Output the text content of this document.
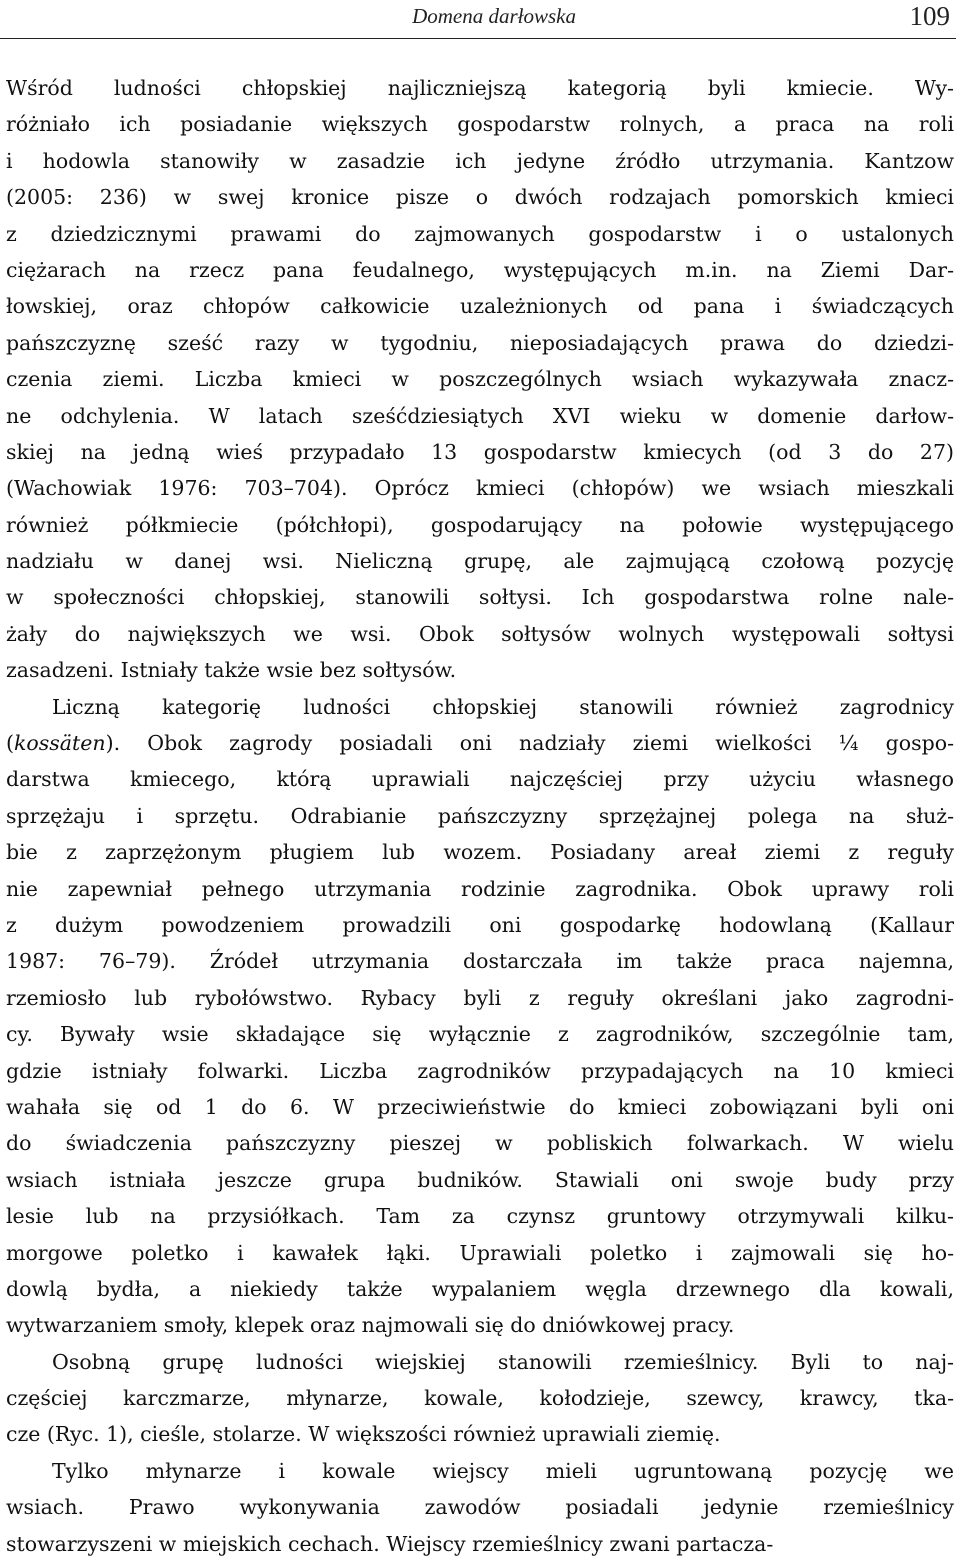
Domena darłowska	109
Wśród ludności chłopskiej najliczniejszą kategorią byli kmiecie. Wy-
różniało ich posiadanie większych gospodarstw rolnych, a praca na roli
i hodowla stanowiły w zasadzie ich jedyne źródło utrzymania. Kantzow
(2005: 236) w swej kronice pisze o dwóch rodzajach pomorskich kmieci
z dziedzicznymi prawami do zajmowanych gospodarstw i o ustalonych
ciężarach na rzecz pana feudalnego, występujących m.in. na Ziemi Dar-
łowskiej, oraz chłopów całkowicie uzależnionych od pana i świadczących
pańszczyznę sześć razy w tygodniu, nieposiadających prawa do dziedzi-
czenia ziemi. Liczba kmieci w poszczególnych wsiach wykazywała znacz-
ne odchylenia. W latach sześćdziesiątych XVI wieku w domenie darłow-
skiej na jedną wieś przypadało 13 gospodarstw kmiecych (od 3 do 27)
(Wachowiak 1976: 703–704). Oprócz kmieci (chłopów) we wsiach mieszkali
również półkmiecie (półchłopi), gospodarujący na połowie występującego
nadziału w danej wsi. Nieliczną grupę, ale zajmującą czołową pozycję
w społeczności chłopskiej, stanowili sołtysi. Ich gospodarstwa rolne nale-
żały do największych we wsi. Obok sołtysów wolnych występowali sołtysi
zasadzeni. Istniały także wsie bez sołtysów.
Liczną kategorię ludności chłopskiej stanowili również zagrodnicy
(kossäten). Obok zagrody posiadali oni nadziały ziemi wielkości ¼ gospo-
darstwa kmiecego, którą uprawiali najczęściej przy użyciu własnego
sprzężaju i sprzętu. Odrabianie pańszczyzny sprzężajnej polega na służ-
bie z zaprzężonym pługiem lub wozem. Posiadany areał ziemi z reguły
nie zapewniał pełnego utrzymania rodzinie zagrodnika. Obok uprawy roli
z dużym powodzeniem prowadzili oni gospodarkę hodowlaną (Kallaur
1987: 76–79). Źródeł utrzymania dostarczała im także praca najemna,
rzemiosło lub rybołówstwo. Rybacy byli z reguły określani jako zagrodni-
cy. Bywały wsie składające się wyłącznie z zagrodników, szczególnie tam,
gdzie istniały folwarki. Liczba zagrodników przypadających na 10 kmieci
wahała się od 1 do 6. W przeciwieństwie do kmieci zobowiązani byli oni
do świadczenia pańszczyzny pieszej w pobliskich folwarkach. W wielu
wsiach istniała jeszcze grupa budników. Stawiali oni swoje budy przy
lesie lub na przysiółkach. Tam za czynsz gruntowy otrzymywali kilku-
morgowe poletko i kawałek łąki. Uprawiali poletko i zajmowali się ho-
dowlą bydła, a niekiedy także wypalaniem węgla drzewnego dla kowali,
wytwarzaniem smoły, klepek oraz najmowali się do dniówkowej pracy.
Osobną grupę ludności wiejskiej stanowili rzemieślnicy. Byli to naj-
częściej karczmarze, młynarze, kowale, kołodzieje, szewcy, krawcy, tka-
cze (Ryc. 1), cieśle, stolarze. W większości również uprawiali ziemię.
Tylko młynarze i kowale wiejscy mieli ugruntowaną pozycję we
wsiach. Prawo wykonywania zawodów posiadali jedynie rzemieślnicy
stowarzyszeni w miejskich cechach. Wiejscy rzemieślnicy zwani partacza-
